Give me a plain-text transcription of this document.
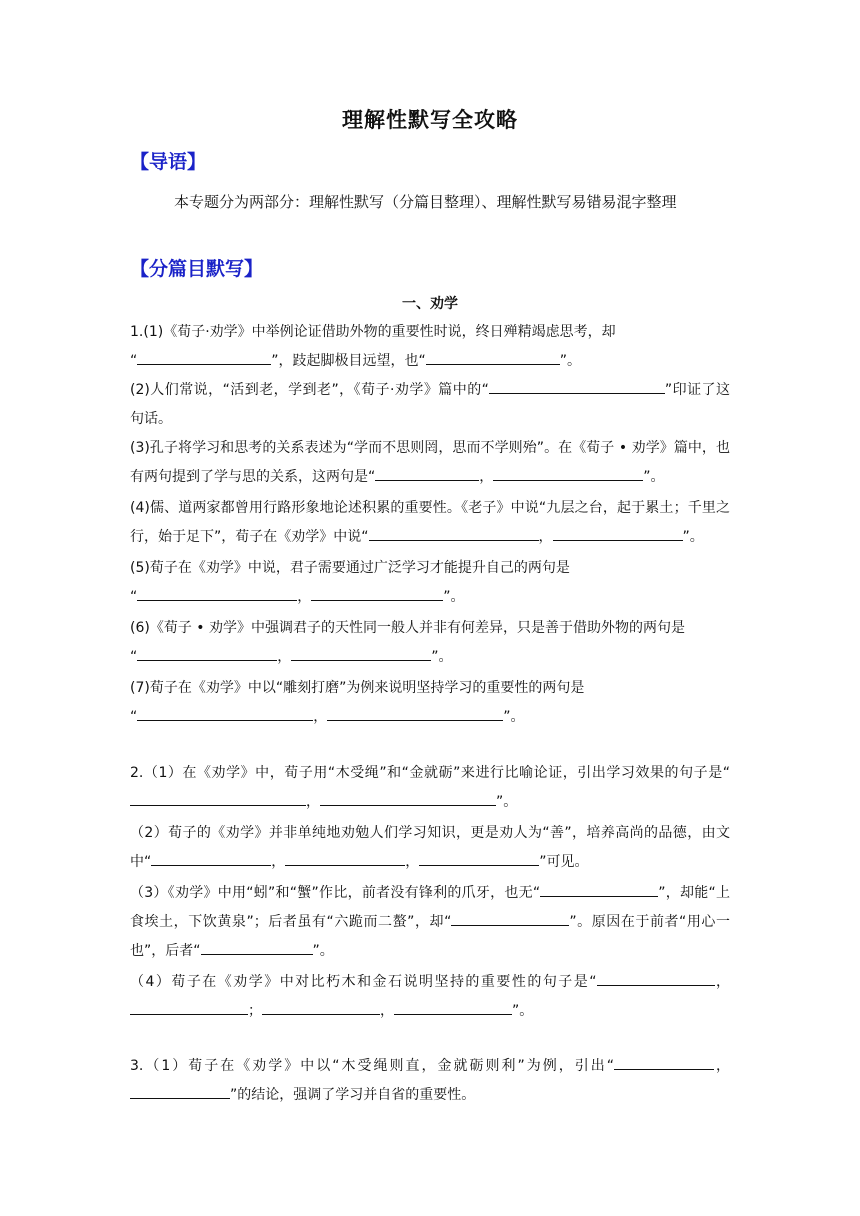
理解性默写全攻略
【导语】
本专题分为两部分：理解性默写（分篇目整理）、理解性默写易错易混字整理
【分篇目默写】
一、劝学
1.(1)《荀子·劝学》中举例论证借助外物的重要性时说，终日殚精竭虑思考，却
“	”，跂起脚极目远望，也“	”。
(2)人们常说，“活到老，学到老”，《荀子·劝学》篇中的“	”印证了这句话。
(3)孔子将学习和思考的关系表述为“学而不思则罔，思而不学则殆”。在《荀子 • 劝学》篇中，也有两句提到了学与思的关系，这两句是“	，	”。
(4)儒、道两家都曾用行路形象地论述积累的重要性。《老子》中说“九层之台，起于累土；千里之行，始于足下”，荀子在《劝学》中说“	，	”。
(5)荀子在《劝学》中说，君子需要通过广泛学习才能提升自己的两句是
“	，	”。
(6)《荀子 • 劝学》中强调君子的天性同一般人并非有何差异，只是善于借助外物的两句是
“	，	”。
(7)荀子在《劝学》中以“雕刻打磨”为例来说明坚持学习的重要性的两句是
“	，	”。
2.（1）在《劝学》中，荀子用“木受绳”和“金就砺”来进行比喻论证，引出学习效果的句子是“，	”。
（2）荀子的《劝学》并非单纯地劝勉人们学习知识，更是劝人为“善”，培养高尚的品德，由文中“	，	，	”可见。
（3）《劝学》中用“蚓”和“蟹”作比，前者没有锋利的爪牙，也无“	”，却能“上食埃土，下饮黄泉”；后者虽有“六跪而二螯”，却“	”。原因在于前者“用心一也”，后者“	”。
（4）荀子在《劝学》中对比朽木和金石说明坚持的重要性的句子是“	，；	，	”。
3.（1）荀子在《劝学》中以“木受绳则直，金就砺则利”为例，引出“	，”的结论，强调了学习并自省的重要性。
